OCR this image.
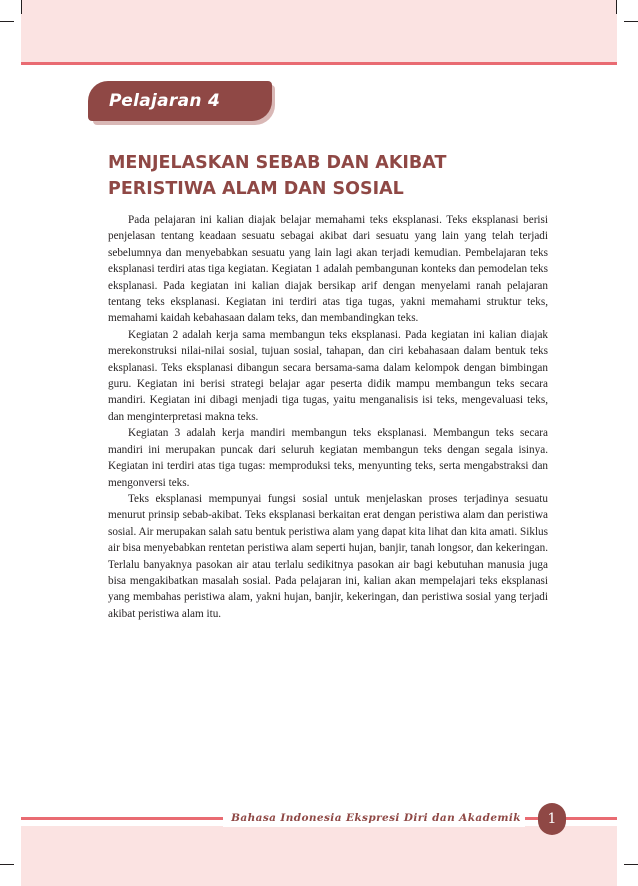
Pelajaran 4
MENJELASKAN SEBAB DAN AKIBAT
PERISTIWA ALAM DAN SOSIAL

Pada pelajaran ini kalian diajak belajar memahami teks eksplanasi. Teks eksplanasi berisi penjelasan tentang keadaan sesuatu sebagai akibat dari sesuatu yang lain yang telah terjadi sebelumnya dan menyebabkan sesuatu yang lain lagi akan terjadi kemudian. Pembelajaran teks eksplanasi terdiri atas tiga kegiatan. Kegiatan 1 adalah pembangunan konteks dan pemodelan teks eksplanasi. Pada kegiatan ini kalian diajak bersikap arif dengan menyelami ranah pelajaran tentang teks eksplanasi. Kegiatan ini terdiri atas tiga tugas, yakni memahami struktur teks, memahami kaidah kebahasaan dalam teks, dan membandingkan teks.

Kegiatan 2 adalah kerja sama membangun teks eksplanasi. Pada kegiatan ini kalian diajak merekonstruksi nilai-nilai sosial, tujuan sosial, tahapan, dan ciri kebahasaan dalam bentuk teks eksplanasi. Teks eksplanasi dibangun secara bersama-sama dalam kelompok dengan bimbingan guru. Kegiatan ini berisi strategi belajar agar peserta didik mampu membangun teks secara mandiri. Kegiatan ini dibagi menjadi tiga tugas, yaitu menganalisis isi teks, mengevaluasi teks, dan menginterpretasi makna teks.

Kegiatan 3 adalah kerja mandiri membangun teks eksplanasi. Membangun teks secara mandiri ini merupakan puncak dari seluruh kegiatan membangun teks dengan segala isinya. Kegiatan ini terdiri atas tiga tugas: memproduksi teks, menyunting teks, serta mengabstraksi dan mengonversi teks.

Teks eksplanasi mempunyai fungsi sosial untuk menjelaskan proses terjadinya sesuatu menurut prinsip sebab-akibat. Teks eksplanasi berkaitan erat dengan peristiwa alam dan peristiwa sosial. Air merupakan salah satu bentuk peristiwa alam yang dapat kita lihat dan kita amati. Siklus air bisa menyebabkan rentetan peristiwa alam seperti hujan, banjir, tanah longsor, dan kekeringan. Terlalu banyaknya pasokan air atau terlalu sedikitnya pasokan air bagi kebutuhan manusia juga bisa mengakibatkan masalah sosial. Pada pelajaran ini, kalian akan mempelajari teks eksplanasi yang membahas peristiwa alam, yakni hujan, banjir, kekeringan, dan peristiwa sosial yang terjadi akibat peristiwa alam itu.

Bahasa Indonesia Ekspresi Diri dan Akademik	1
